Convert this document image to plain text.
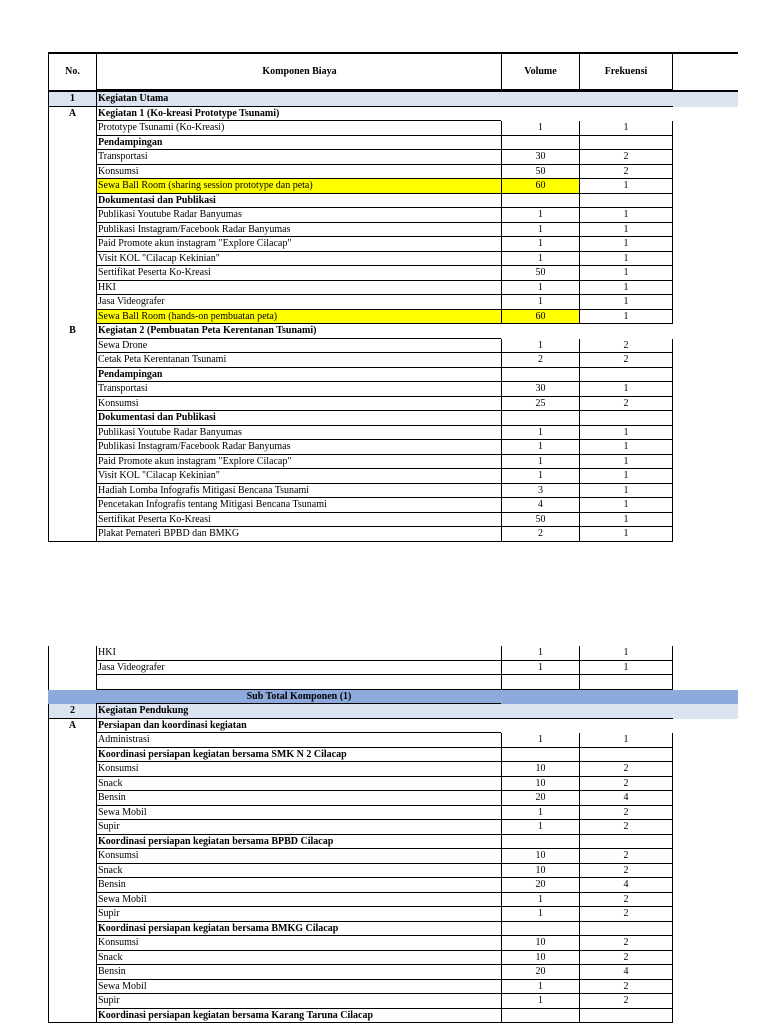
No.	Komponen Biaya	Volume	Frekuensi
1	Kegiatan Utama
A	Kegiatan 1 (Ko-kreasi Prototype Tsunami)
Prototype Tsunami (Ko-Kreasi)	1	1
Pendampingan
Transportasi	30	2
Konsumsi	50	2
Sewa Ball Room (sharing session prototype dan peta)	60	1
Dokumentasi dan Publikasi
Publikasi Youtube Radar Banyumas	1	1
Publikasi Instagram/Facebook Radar Banyumas	1	1
Paid Promote akun instagram "Explore Cilacap"	1	1
Visit KOL "Cilacap Kekinian"	1	1
Sertifikat Peserta Ko-Kreasi	50	1
HKI	1	1
Jasa Videografer	1	1
Sewa Ball Room (hands-on pembuatan peta)	60	1
B	Kegiatan 2 (Pembuatan Peta Kerentanan Tsunami)
Sewa Drone	1	2
Cetak Peta Kerentanan Tsunami	2	2
Pendampingan
Transportasi	30	1
Konsumsi	25	2
Dokumentasi dan Publikasi
Publikasi Youtube Radar Banyumas	1	1
Publikasi Instagram/Facebook Radar Banyumas	1	1
Paid Promote akun instagram "Explore Cilacap"	1	1
Visit KOL "Cilacap Kekinian"	1	1
Hadiah Lomba Infografis Mitigasi Bencana Tsunami	3	1
Pencetakan Infografis tentang Mitigasi Bencana Tsunami	4	1
Sertifikat Peserta Ko-Kreasi	50	1
Plakat Pemateri BPBD dan BMKG	2	1
HKI	1	1
Jasa Videografer	1	1
Sub Total Komponen (1)
2	Kegiatan Pendukung
A	Persiapan dan koordinasi kegiatan
Administrasi	1	1
Koordinasi persiapan kegiatan bersama SMK N 2 Cilacap
Konsumsi	10	2
Snack	10	2
Bensin	20	4
Sewa Mobil	1	2
Supir	1	2
Koordinasi persiapan kegiatan bersama BPBD Cilacap
Konsumsi	10	2
Snack	10	2
Bensin	20	4
Sewa Mobil	1	2
Supir	1	2
Koordinasi persiapan kegiatan bersama BMKG Cilacap
Konsumsi	10	2
Snack	10	2
Bensin	20	4
Sewa Mobil	1	2
Supir	1	2
Koordinasi persiapan kegiatan bersama Karang Taruna Cilacap
